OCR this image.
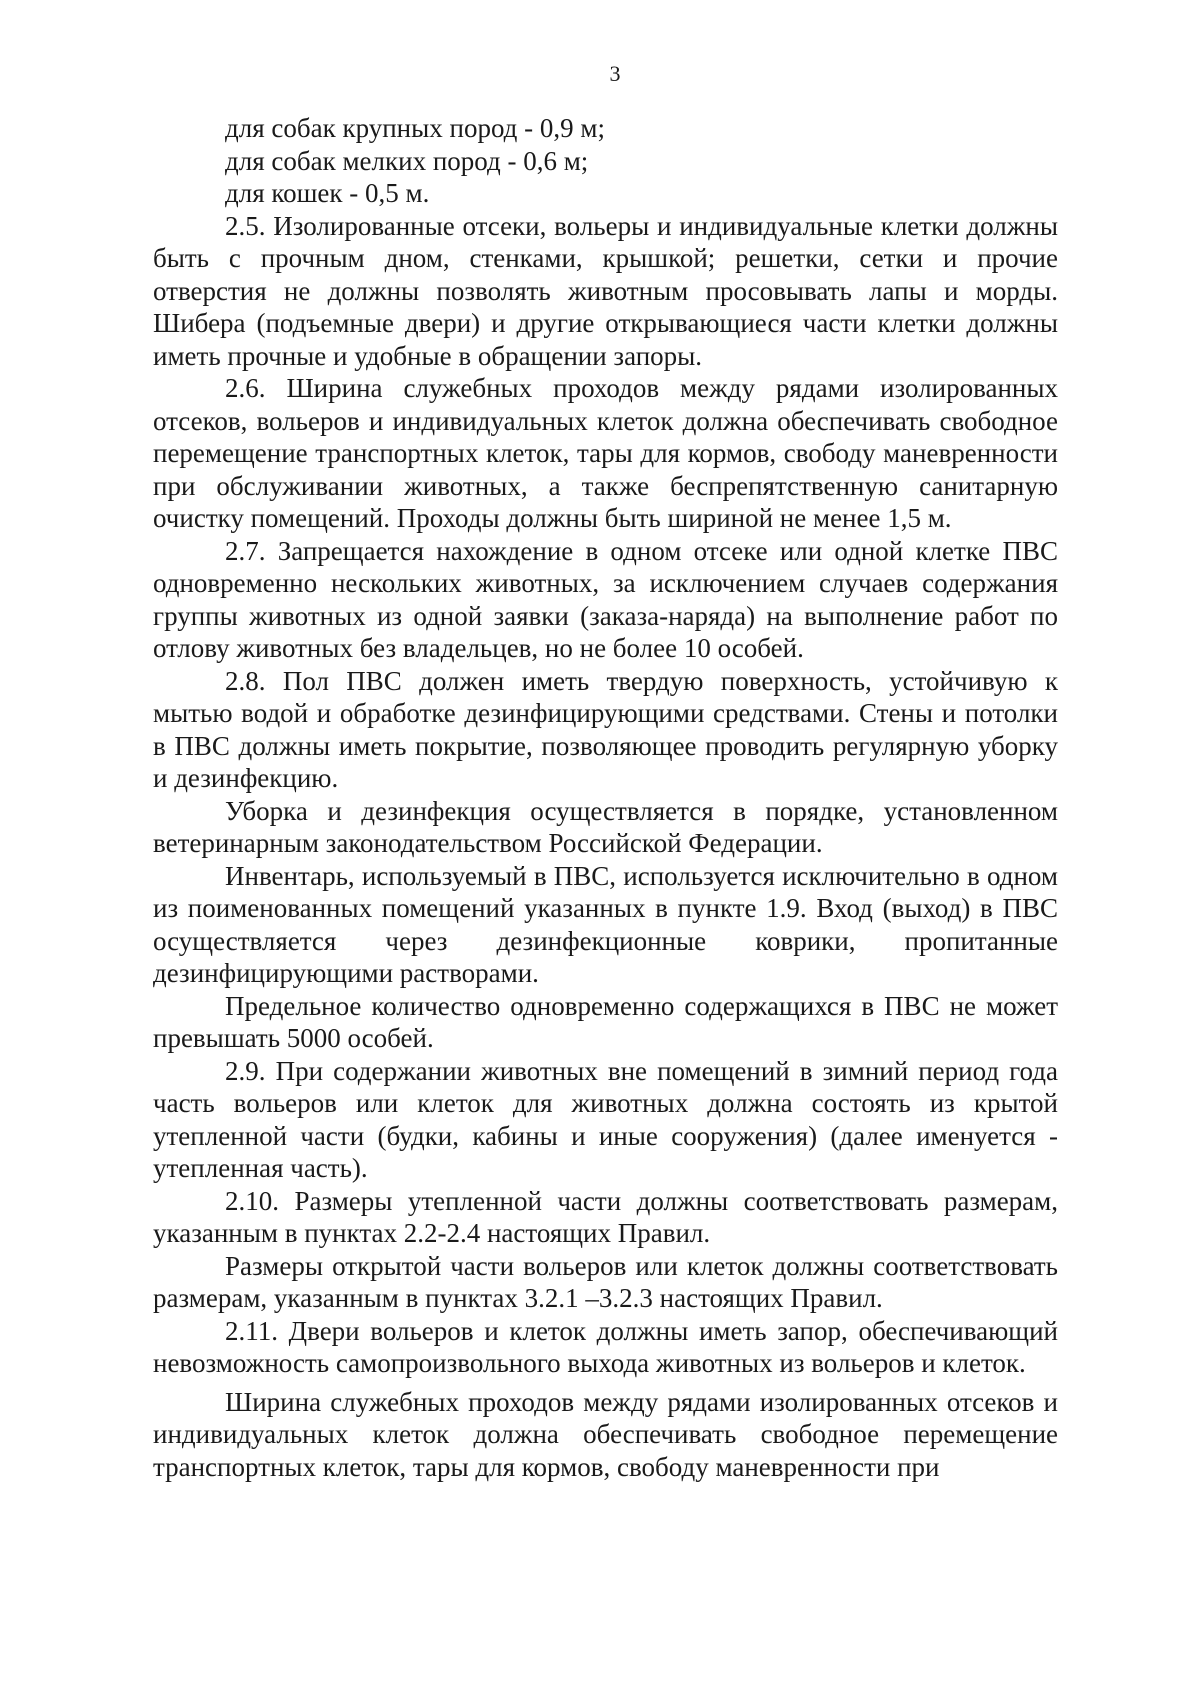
3
для собак крупных пород - 0,9 м;
для собак мелких пород - 0,6 м;
для кошек - 0,5 м.

2.5. Изолированные отсеки, вольеры и индивидуальные клетки должны быть с прочным дном, стенками, крышкой; решетки, сетки и прочие отверстия не должны позволять животным просовывать лапы и морды. Шибера (подъемные двери) и другие открывающиеся части клетки должны иметь прочные и удобные в обращении запоры.

2.6. Ширина служебных проходов между рядами изолированных отсеков, вольеров и индивидуальных клеток должна обеспечивать свободное перемещение транспортных клеток, тары для кормов, свободу маневренности при обслуживании животных, а также беспрепятственную санитарную очистку помещений. Проходы должны быть шириной не менее 1,5 м.

2.7. Запрещается нахождение в одном отсеке или одной клетке ПВС одновременно нескольких животных, за исключением случаев содержания группы животных из одной заявки (заказа-наряда) на выполнение работ по отлову животных без владельцев, но не более 10 особей.

2.8. Пол ПВС должен иметь твердую поверхность, устойчивую к мытью водой и обработке дезинфицирующими средствами. Стены и потолки в ПВС должны иметь покрытие, позволяющее проводить регулярную уборку и дезинфекцию.

Уборка и дезинфекция осуществляется в порядке, установленном ветеринарным законодательством Российской Федерации.

Инвентарь, используемый в ПВС, используется исключительно в одном из поименованных помещений указанных в пункте 1.9. Вход (выход) в ПВС осуществляется через дезинфекционные коврики, пропитанные дезинфицирующими растворами.

Предельное количество одновременно содержащихся в ПВС не может превышать 5000 особей.

2.9. При содержании животных вне помещений в зимний период года часть вольеров или клеток для животных должна состоять из крытой утепленной части (будки, кабины и иные сооружения) (далее именуется - утепленная часть).

2.10. Размеры утепленной части должны соответствовать размерам, указанным в пунктах 2.2-2.4 настоящих Правил.

Размеры открытой части вольеров или клеток должны соответствовать размерам, указанным в пунктах 3.2.1 –3.2.3 настоящих Правил.

2.11. Двери вольеров и клеток должны иметь запор, обеспечивающий невозможность самопроизвольного выхода животных из вольеров и клеток.

Ширина служебных проходов между рядами изолированных отсеков и индивидуальных клеток должна обеспечивать свободное перемещение транспортных клеток, тары для кормов, свободу маневренности при
